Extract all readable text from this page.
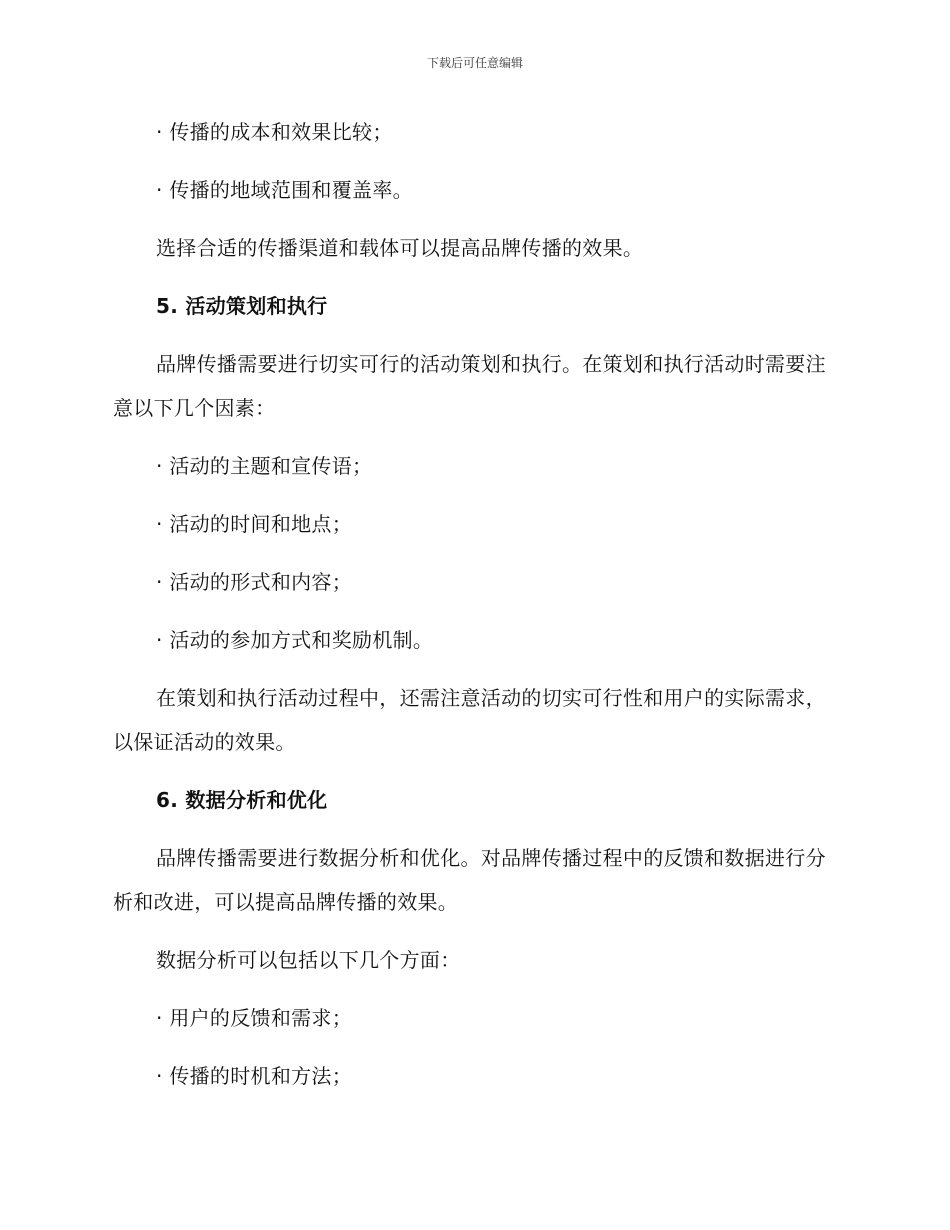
下载后可任意编辑

· 传播的成本和效果比较；

· 传播的地域范围和覆盖率。

选择合适的传播渠道和载体可以提高品牌传播的效果。

5. 活动策划和执行

品牌传播需要进行切实可行的活动策划和执行。在策划和执行活动时需要注意以下几个因素：

· 活动的主题和宣传语；

· 活动的时间和地点；

· 活动的形式和内容；

· 活动的参加方式和奖励机制。

在策划和执行活动过程中，还需注意活动的切实可行性和用户的实际需求，以保证活动的效果。

6. 数据分析和优化

品牌传播需要进行数据分析和优化。对品牌传播过程中的反馈和数据进行分析和改进，可以提高品牌传播的效果。

数据分析可以包括以下几个方面：

· 用户的反馈和需求；

· 传播的时机和方法；
